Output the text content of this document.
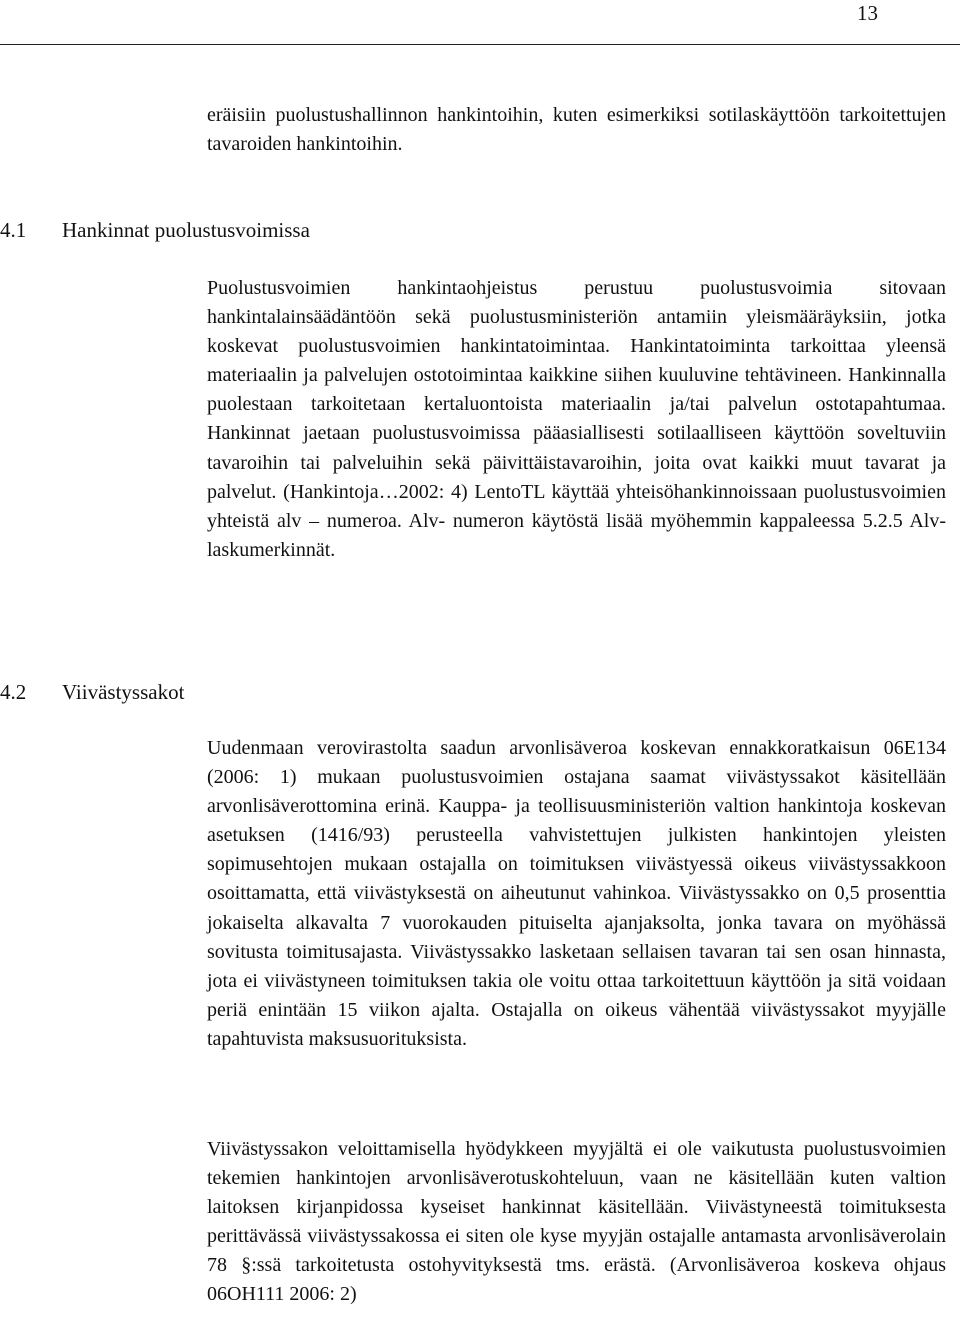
13

eräisiin puolustushallinnon hankintoihin, kuten esimerkiksi sotilaskäyttöön tarkoitettujen tavaroiden hankintoihin.

4.1 Hankinnat puolustusvoimissa

Puolustusvoimien hankintaohjeistus perustuu puolustusvoimia sitovaan hankintalainsäädäntöön sekä puolustusministeriön antamiin yleismääräyksiin, jotka koskevat puolustusvoimien hankintatoimintaa. Hankintatoiminta tarkoittaa yleensä materiaalin ja palvelujen ostotoimintaa kaikkine siihen kuuluvine tehtävineen. Hankinnalla puolestaan tarkoitetaan kertaluontoista materiaalin ja/tai palvelun ostotapahtumaa. Hankinnat jaetaan puolustusvoimissa pääasiallisesti sotilaalliseen käyttöön soveltuviin tavaroihin tai palveluihin sekä päivittäistavaroihin, joita ovat kaikki muut tavarat ja palvelut. (Hankintoja…2002: 4) LentoTL käyttää yhteisöhankinnoissaan puolustusvoimien yhteistä alv – numeroa. Alv- numeron käytöstä lisää myöhemmin kappaleessa 5.2.5 Alv- laskumerkinnät.

4.2 Viivästyssakot

Uudenmaan verovirastolta saadun arvonlisäveroa koskevan ennakkoratkaisun 06E134 (2006: 1) mukaan puolustusvoimien ostajana saamat viivästyssakot käsitellään arvonlisäverottomina erinä. Kauppa- ja teollisuusministeriön valtion hankintoja koskevan asetuksen (1416/93) perusteella vahvistettujen julkisten hankintojen yleisten sopimusehtojen mukaan ostajalla on toimituksen viivästyessä oikeus viivästyssakkoon osoittamatta, että viivästyksestä on aiheutunut vahinkoa. Viivästyssakko on 0,5 prosenttia jokaiselta alkavalta 7 vuorokauden pituiselta ajanjaksolta, jonka tavara on myöhässä sovitusta toimitusajasta. Viivästyssakko lasketaan sellaisen tavaran tai sen osan hinnasta, jota ei viivästyneen toimituksen takia ole voitu ottaa tarkoitettuun käyttöön ja sitä voidaan periä enintään 15 viikon ajalta. Ostajalla on oikeus vähentää viivästyssakot myyjälle tapahtuvista maksusuorituksista.

Viivästyssakon veloittamisella hyödykkeen myyjältä ei ole vaikutusta puolustusvoimien tekemien hankintojen arvonlisäverotuskohteluun, vaan ne käsitellään kuten valtion laitoksen kirjanpidossa kyseiset hankinnat käsitellään. Viivästyneestä toimituksesta perittävässä viivästyssakossa ei siten ole kyse myyjän ostajalle antamasta arvonlisäverolain 78 §:ssä tarkoitetusta ostohyvityksestä tms. erästä. (Arvonlisäveroa koskeva ohjaus 06OH111 2006: 2)
